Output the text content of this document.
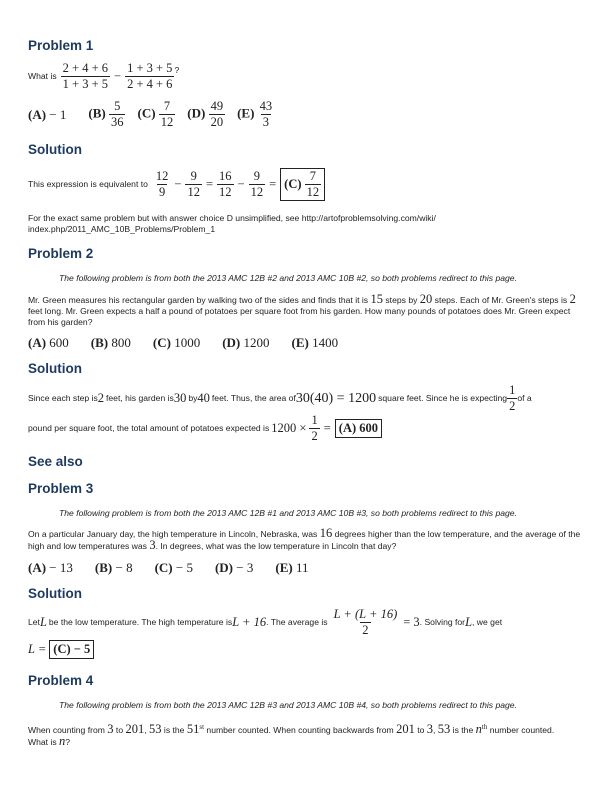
Problem 1
What is $\frac{2 + 4 + 6}{1 + 3 + 5} - \frac{1 + 3 + 5}{2 + 4 + 6}$ ?
(A) − 1 $(B) \frac{5}{36} (C) \frac{7}{12} (D) \frac{49}{20} (E) \frac{43}{3}$
Solution
This expression is equivalent to $\frac{12}{9} - \frac{9}{12} = \frac{16}{12} - \frac{9}{12} = (C)$
$\frac{7}{12}$
For the exact same problem but with answer choice D unsimplified, see http://artofproblemsolving.com/wiki/ index.php/2011_AMC_10B_Problems/Problem_1
Problem 2
The following problem is from both the 2013 AMC 12B #2 and 2013 AMC 10B #2, so both problems redirect to this page.
Mr. Green measures his rectangular garden by walking two of the sides and finds that it is 15 steps by 20 steps. Each of Mr. Green's steps is 2 feet long. Mr. Green expects a half a pound of potatoes per square foot from his garden. How many pounds of potatoes does Mr. Green expect from his garden?
(A) 600 (B) 800 (C) 1000 (D) 1200 (E) 1400
Solution
Since each step is 2 feet, his garden is 30 by 40 feet. Thus, the area of 30(40) = 1200 square feet. Since he is expecting $\frac{1}{2}$ of a
pound per square foot, the total amount of potatoes expected is $1200 \times \frac{1}{2} = (A)$ 600
See also
Problem 3
The following problem is from both the 2013 AMC 12B #1 and 2013 AMC 10B #3, so both problems redirect to this page.
On a particular January day, the high temperature in Lincoln, Nebraska, was 16 degrees higher than the low temperature, and the average of the high and low temperatures was 3. In degrees, what was the low temperature in Lincoln that day?
(A) − 13 (B) − 8 (C) − 5 (D) − 3 (E) 11
Solution
Let L be the low temperature. The high temperature is L + 16 . The average is $\frac{L + (L + 16)}{2} = 3$ . Solving for L , we get
L = (C) − 5
Problem 4
The following problem is from both the 2013 AMC 12B #3 and 2013 AMC 10B #4, so both problems redirect to this page.
When counting from 3 to 201, 53 is the 51st number counted. When counting backwards from 201 to 3, 53 is the $n^{th}$ number counted. What is n?
